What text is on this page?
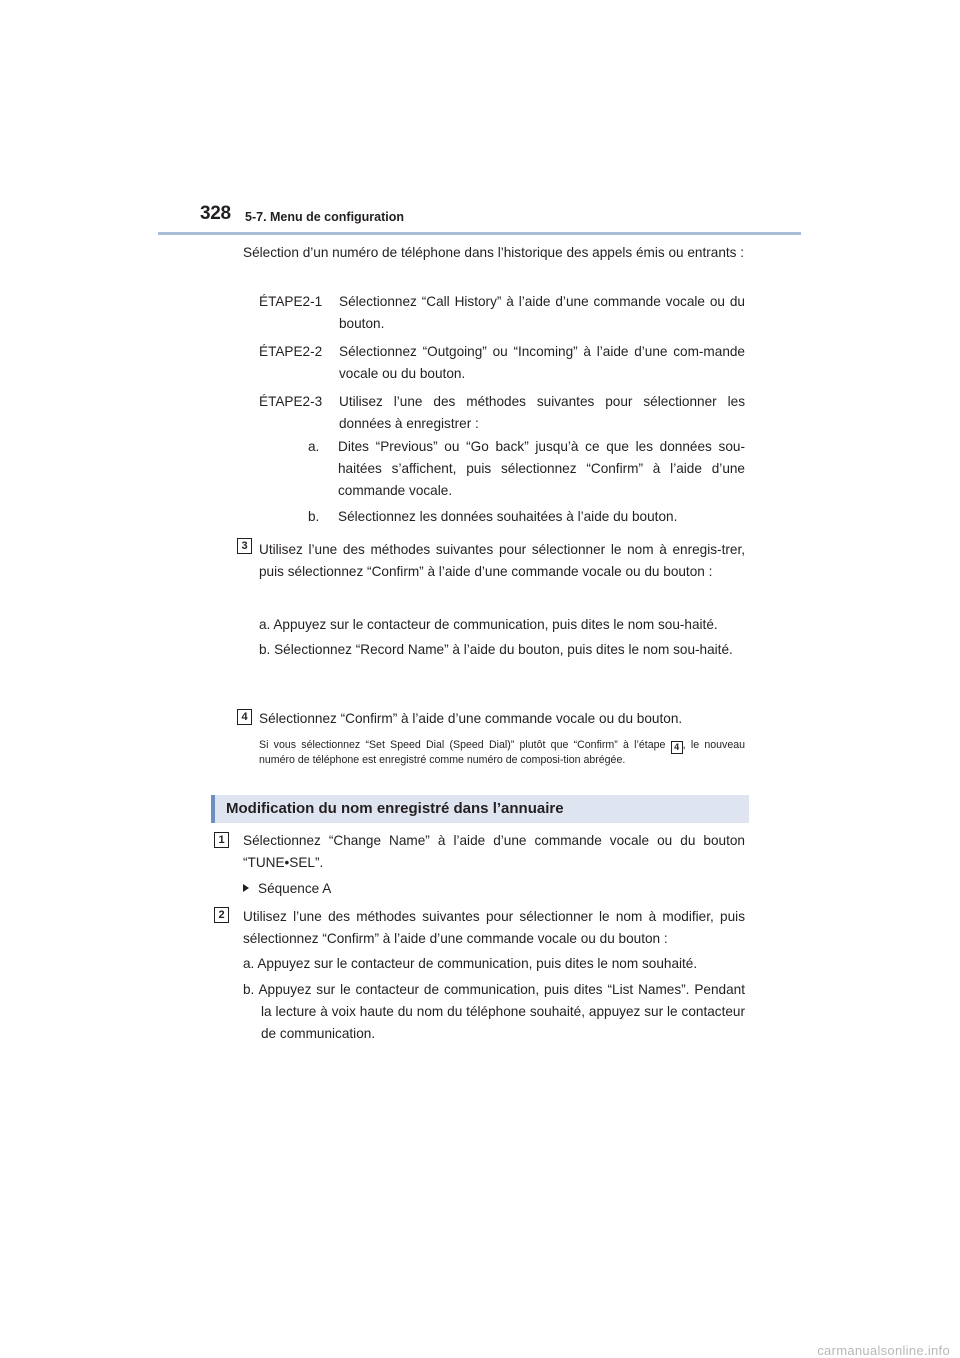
328 5-7. Menu de configuration
Sélection d’un numéro de téléphone dans l’historique des appels émis ou entrants :
ÉTAPE2-1	Sélectionnez “Call History” à l’aide d’une commande vocale ou du bouton.
ÉTAPE2-2	Sélectionnez “Outgoing” ou “Incoming” à l’aide d’une com-mande vocale ou du bouton.
ÉTAPE2-3	Utilisez l’une des méthodes suivantes pour sélectionner les données à enregistrer :
a.	Dites “Previous” ou “Go back” jusqu’à ce que les données sou-haitées s’affichent, puis sélectionnez “Confirm” à l’aide d’une commande vocale.
b.	Sélectionnez les données souhaitées à l’aide du bouton.
3 Utilisez l’une des méthodes suivantes pour sélectionner le nom à enregis-trer, puis sélectionnez “Confirm” à l’aide d’une commande vocale ou du bouton :
a. Appuyez sur le contacteur de communication, puis dites le nom sou-haité.
b. Sélectionnez “Record Name” à l’aide du bouton, puis dites le nom sou-haité.
4 Sélectionnez “Confirm” à l’aide d’une commande vocale ou du bouton.
Si vous sélectionnez “Set Speed Dial (Speed Dial)” plutôt que “Confirm” à l’étape 4 , le nouveau numéro de téléphone est enregistré comme numéro de composi-tion abrégée.
Modification du nom enregistré dans l’annuaire
1	Sélectionnez “Change Name” à l’aide d’une commande vocale ou du bouton “TUNE•SEL”.
Séquence A
2	Utilisez l’une des méthodes suivantes pour sélectionner le nom à modifier, puis sélectionnez “Confirm” à l’aide d’une commande vocale ou du bouton :
a. Appuyez sur le contacteur de communication, puis dites le nom souhaité.
b. Appuyez sur le contacteur de communication, puis dites “List Names”. Pendant la lecture à voix haute du nom du téléphone souhaité, appuyez sur le contacteur de communication.
carmanualsonline.info
